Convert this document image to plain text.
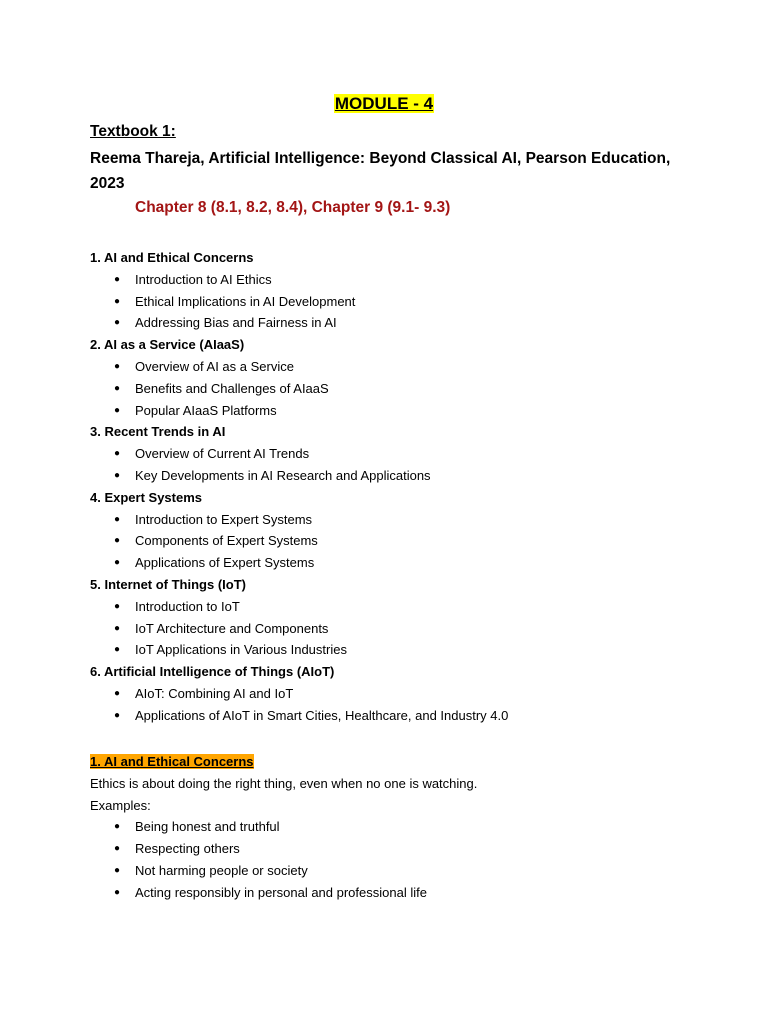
MODULE - 4
Textbook 1:
Reema Thareja, Artificial Intelligence: Beyond Classical AI, Pearson Education, 2023
Chapter 8 (8.1, 8.2, 8.4), Chapter 9 (9.1- 9.3)
1. AI and Ethical Concerns
● Introduction to AI Ethics
● Ethical Implications in AI Development
● Addressing Bias and Fairness in AI
2. AI as a Service (AIaaS)
● Overview of AI as a Service
● Benefits and Challenges of AIaaS
● Popular AIaaS Platforms
3. Recent Trends in AI
● Overview of Current AI Trends
● Key Developments in AI Research and Applications
4. Expert Systems
● Introduction to Expert Systems
● Components of Expert Systems
● Applications of Expert Systems
5. Internet of Things (IoT)
● Introduction to IoT
● IoT Architecture and Components
● IoT Applications in Various Industries
6. Artificial Intelligence of Things (AIoT)
● AIoT: Combining AI and IoT
● Applications of AIoT in Smart Cities, Healthcare, and Industry 4.0
1. AI and Ethical Concerns
Ethics is about doing the right thing, even when no one is watching.
Examples:
● Being honest and truthful
● Respecting others
● Not harming people or society
● Acting responsibly in personal and professional life
